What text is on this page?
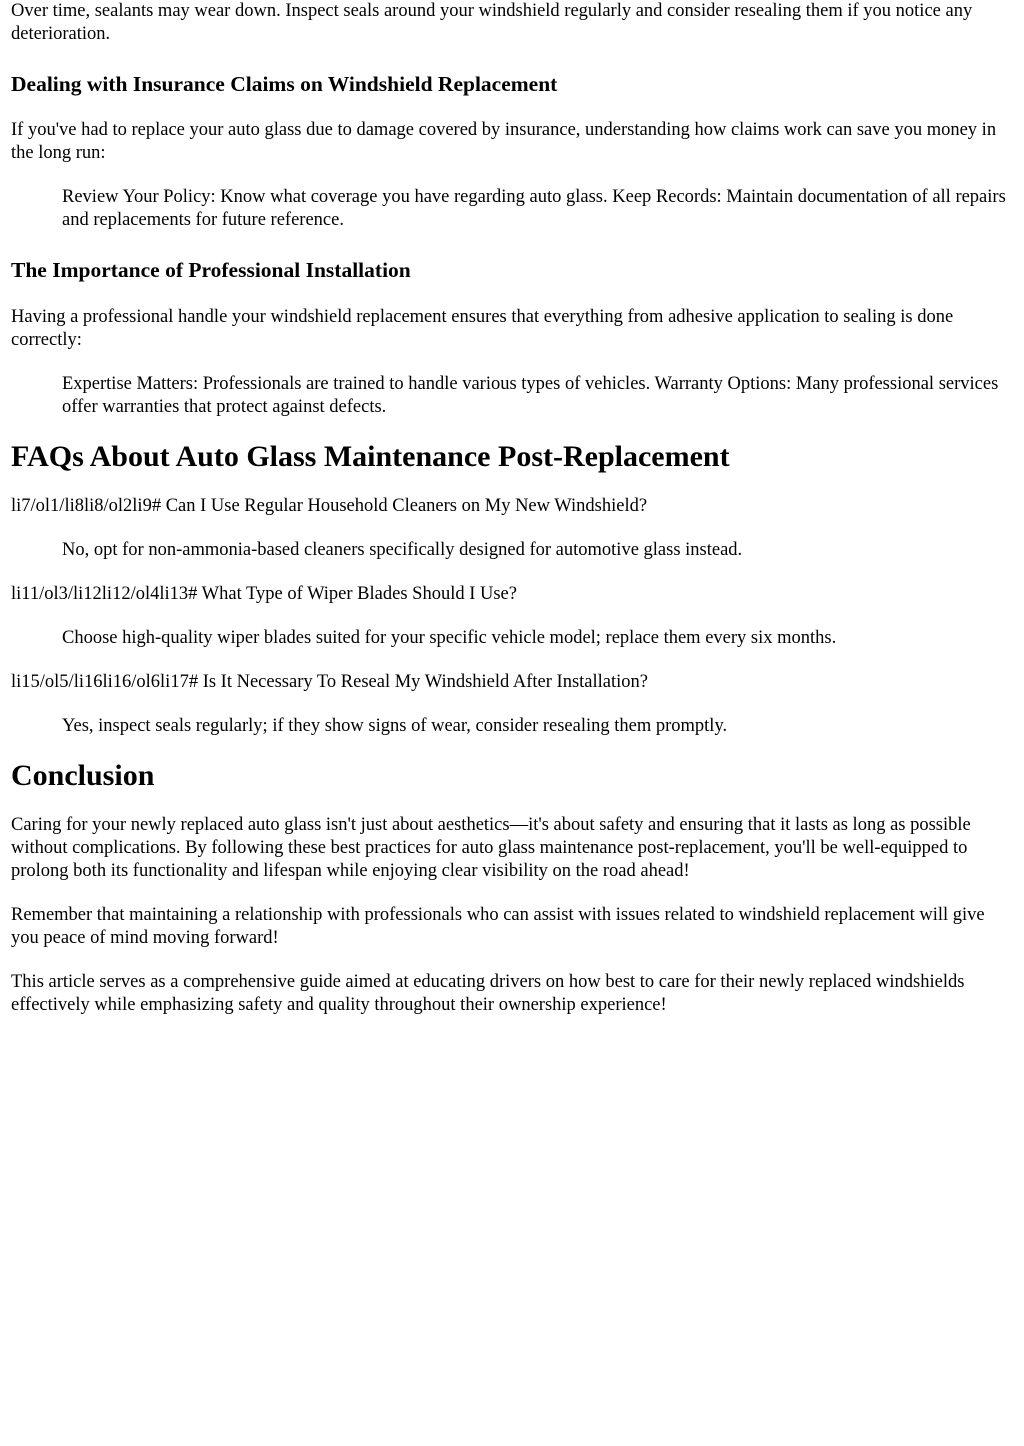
Over time, sealants may wear down. Inspect seals around your windshield regularly and consider resealing them if you notice any deterioration.

Dealing with Insurance Claims on Windshield Replacement

If you've had to replace your auto glass due to damage covered by insurance, understanding how claims work can save you money in the long run:

Review Your Policy: Know what coverage you have regarding auto glass. Keep Records: Maintain documentation of all repairs and replacements for future reference.

The Importance of Professional Installation

Having a professional handle your windshield replacement ensures that everything from adhesive application to sealing is done correctly:

Expertise Matters: Professionals are trained to handle various types of vehicles. Warranty Options: Many professional services offer warranties that protect against defects.

FAQs About Auto Glass Maintenance Post-Replacement

li7/ol1/li8li8/ol2li9# Can I Use Regular Household Cleaners on My New Windshield?

No, opt for non-ammonia-based cleaners specifically designed for automotive glass instead.

li11/ol3/li12li12/ol4li13# What Type of Wiper Blades Should I Use?

Choose high-quality wiper blades suited for your specific vehicle model; replace them every six months.

li15/ol5/li16li16/ol6li17# Is It Necessary To Reseal My Windshield After Installation?

Yes, inspect seals regularly; if they show signs of wear, consider resealing them promptly.

Conclusion

Caring for your newly replaced auto glass isn't just about aesthetics—it's about safety and ensuring that it lasts as long as possible without complications. By following these best practices for auto glass maintenance post-replacement, you'll be well-equipped to prolong both its functionality and lifespan while enjoying clear visibility on the road ahead!

Remember that maintaining a relationship with professionals who can assist with issues related to windshield replacement will give you peace of mind moving forward!

This article serves as a comprehensive guide aimed at educating drivers on how best to care for their newly replaced windshields effectively while emphasizing safety and quality throughout their ownership experience!
